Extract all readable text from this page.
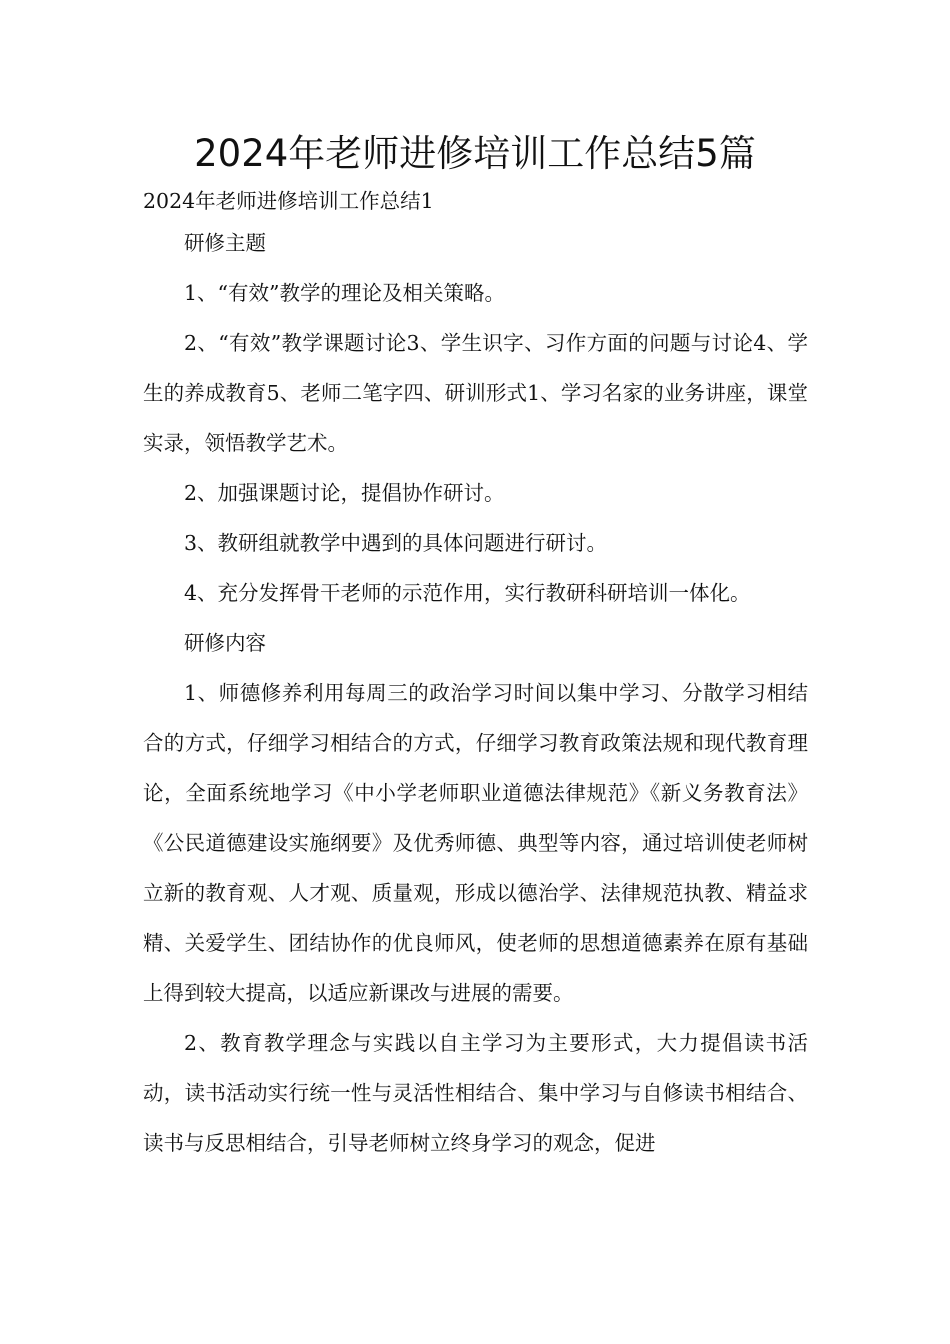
2024年老师进修培训工作总结5篇

2024年老师进修培训工作总结1

研修主题

1、“有效”教学的理论及相关策略。

2、“有效”教学课题讨论3、学生识字、习作方面的问题与讨论4、学生的养成教育5、老师二笔字四、研训形式1、学习名家的业务讲座，课堂实录，领悟教学艺术。

2、加强课题讨论，提倡协作研讨。

3、教研组就教学中遇到的具体问题进行研讨。

4、充分发挥骨干老师的示范作用，实行教研科研培训一体化。

研修内容

1、师德修养利用每周三的政治学习时间以集中学习、分散学习相结合的方式，仔细学习相结合的方式，仔细学习教育政策法规和现代教育理论，全面系统地学习《中小学老师职业道德法律规范》《新义务教育法》《公民道德建设实施纲要》及优秀师德、典型等内容，通过培训使老师树立新的教育观、人才观、质量观，形成以德治学、法律规范执教、精益求精、关爱学生、团结协作的优良师风，使老师的思想道德素养在原有基础上得到较大提高，以适应新课改与进展的需要。

2、教育教学理念与实践以自主学习为主要形式，大力提倡读书活动，读书活动实行统一性与灵活性相结合、集中学习与自修读书相结合、读书与反思相结合，引导老师树立终身学习的观念，促进
